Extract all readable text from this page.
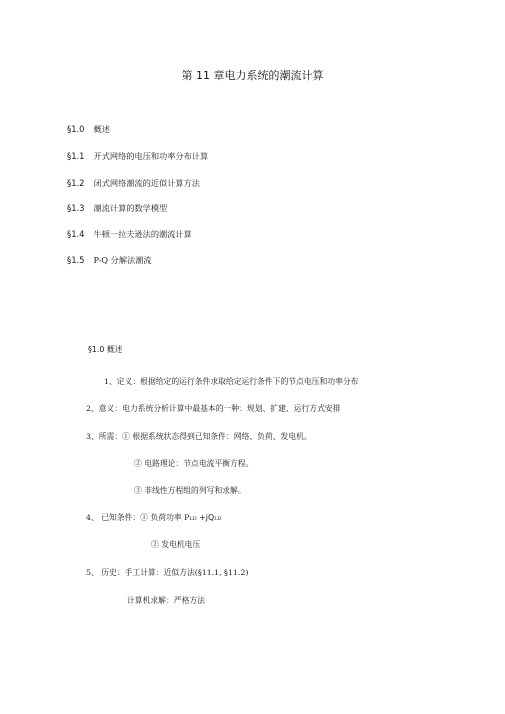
第 11 章电力系统的潮流计算
§1.0 概述
§1.1 开式网络的电压和功率分布计算
§1.2 闭式网络潮流的近似计算方法
§1.3 潮流计算的数学模型
§1.4 牛顿一拉夫逊法的潮流计算
§1.5 P-Q 分解法潮流
§1.0 概述
1、定义：根据给定的运行条件求取给定运行条件下的节点电压和功率分布
2、意义：电力系统分析计算中最基本的一种：规划、扩建、运行方式安排
3、所需：① 根据系统状态得到已知条件：网络、负荷、发电机。
② 电路理论：节点电流平衡方程。
③ 非线性方程组的列写和求解。
4、 已知条件：① 负荷功率 PLD +jQLD
② 发电机电压
5、 历史：手工计算：近似方法(§11.1, §11.2)
计算机求解：严格方法
